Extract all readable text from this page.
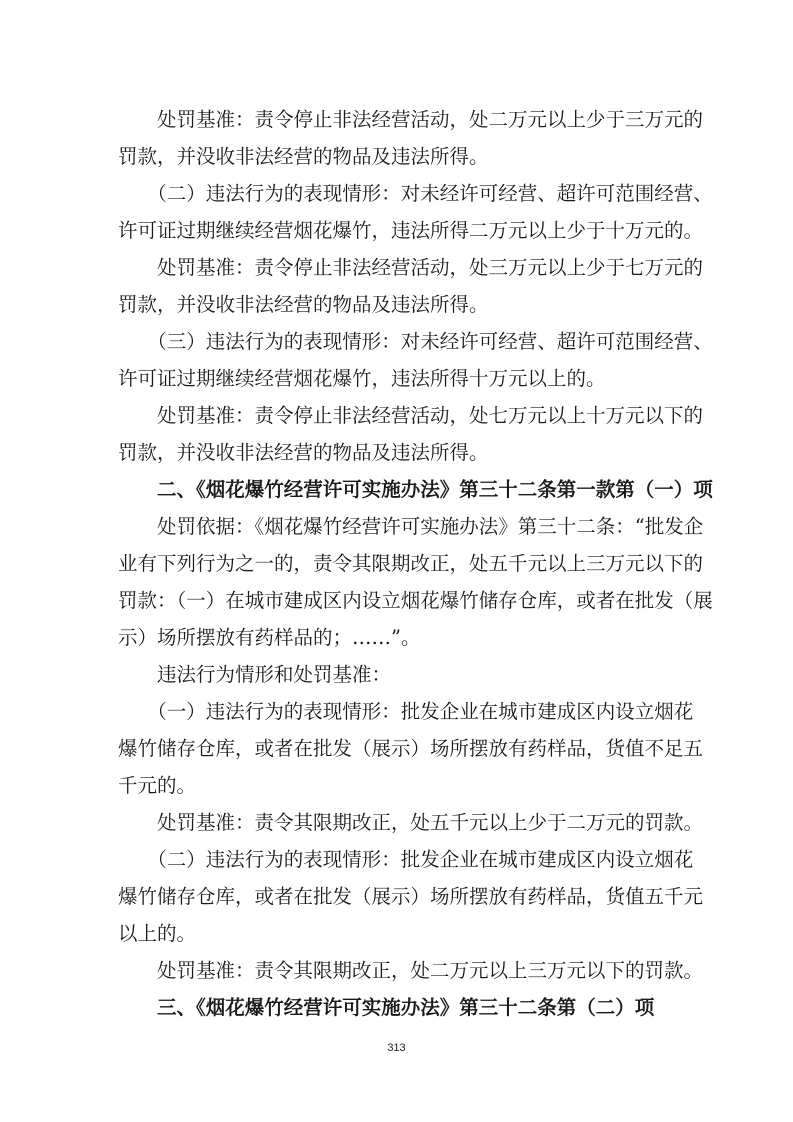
　　处罚基准：责令停止非法经营活动，处二万元以上少于三万元的
罚款，并没收非法经营的物品及违法所得。
　　（二）违法行为的表现情形：对未经许可经营、超许可范围经营、
许可证过期继续经营烟花爆竹，违法所得二万元以上少于十万元的。
　　处罚基准：责令停止非法经营活动，处三万元以上少于七万元的
罚款，并没收非法经营的物品及违法所得。
　　（三）违法行为的表现情形：对未经许可经营、超许可范围经营、
许可证过期继续经营烟花爆竹，违法所得十万元以上的。
　　处罚基准：责令停止非法经营活动，处七万元以上十万元以下的
罚款，并没收非法经营的物品及违法所得。
　　二、《烟花爆竹经营许可实施办法》第三十二条第一款第（一）项
　　处罚依据：《烟花爆竹经营许可实施办法》第三十二条：“批发企
业有下列行为之一的，责令其限期改正，处五千元以上三万元以下的
罚款：（一）在城市建成区内设立烟花爆竹储存仓库，或者在批发（展
示）场所摆放有药样品的；……”。
　　违法行为情形和处罚基准：
　　（一）违法行为的表现情形：批发企业在城市建成区内设立烟花
爆竹储存仓库，或者在批发（展示）场所摆放有药样品，货值不足五
千元的。
　　处罚基准：责令其限期改正，处五千元以上少于二万元的罚款。
　　（二）违法行为的表现情形：批发企业在城市建成区内设立烟花
爆竹储存仓库，或者在批发（展示）场所摆放有药样品，货值五千元
以上的。
　　处罚基准：责令其限期改正，处二万元以上三万元以下的罚款。
　　三、《烟花爆竹经营许可实施办法》第三十二条第（二）项
313
